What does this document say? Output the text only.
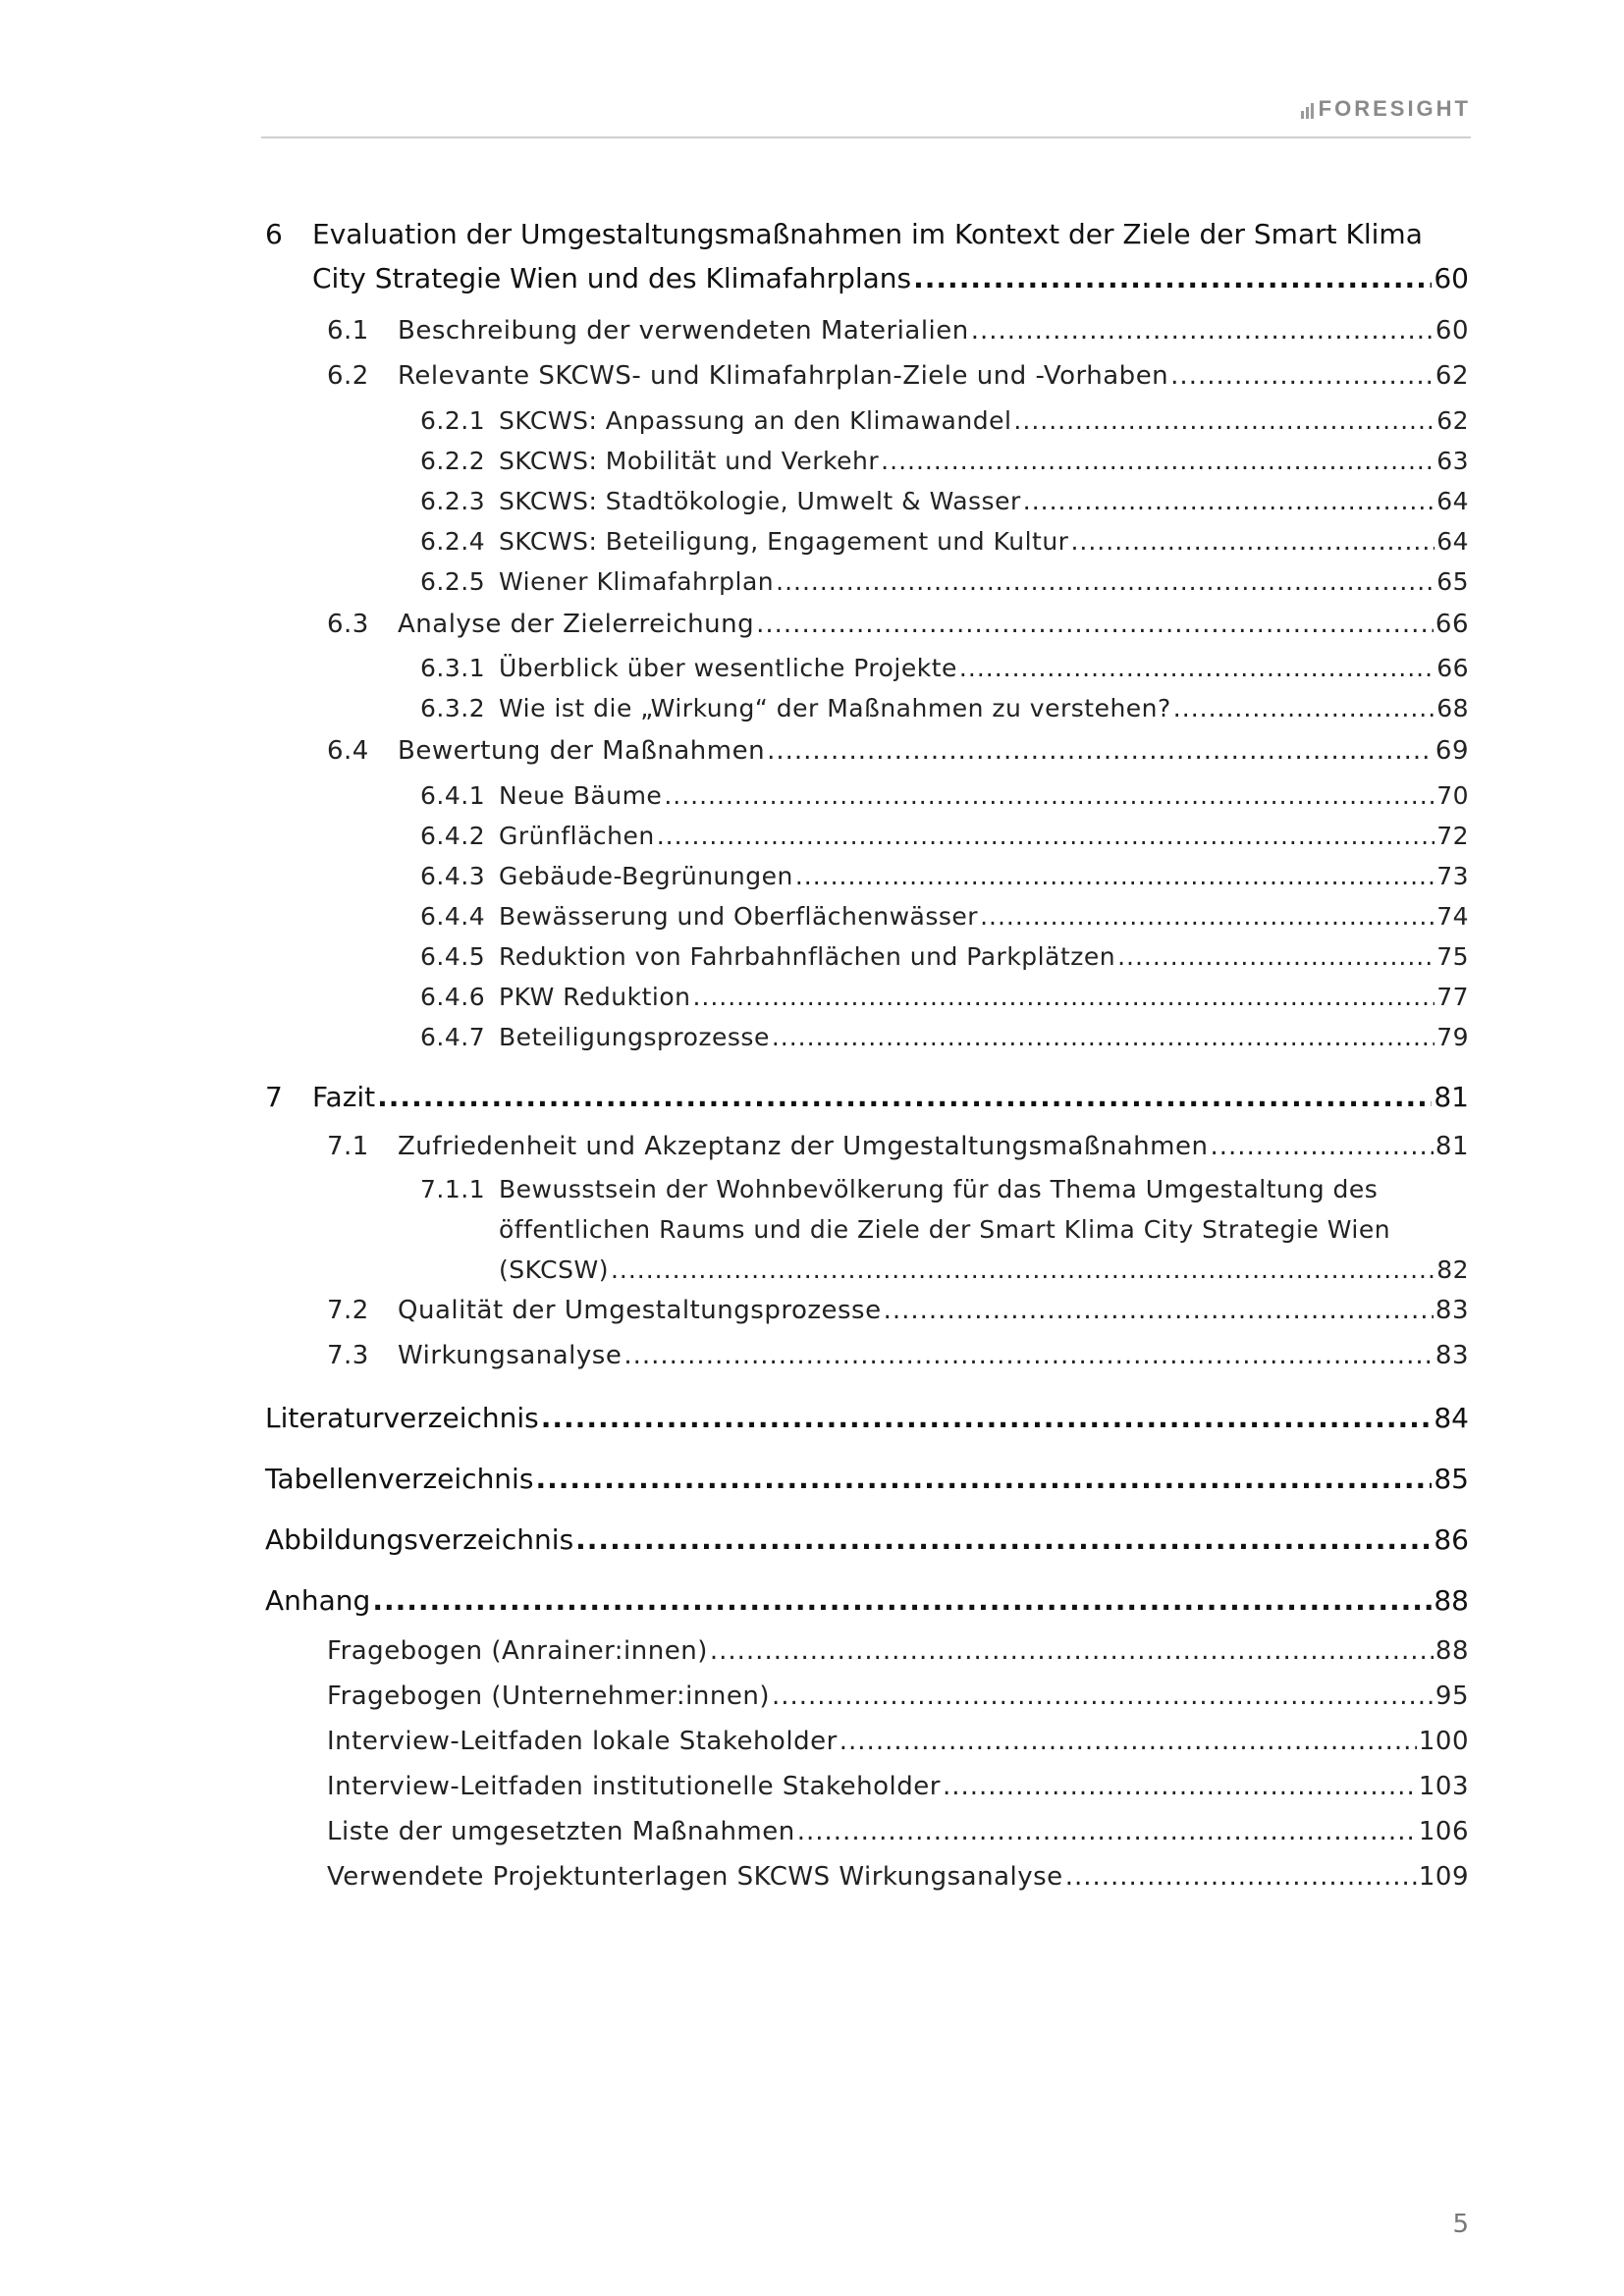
FORESIGHT
6 Evaluation der Umgestaltungsmaßnahmen im Kontext der Ziele der Smart Klima
City Strategie Wien und des Klimafahrplans .....	60
6.1 Beschreibung der verwendeten Materialien .....	60
6.2 Relevante SKCWS- und Klimafahrplan-Ziele und -Vorhaben .....	62
6.2.1 SKCWS: Anpassung an den Klimawandel .....	62
6.2.2 SKCWS: Mobilität und Verkehr .....	63
6.2.3 SKCWS: Stadtökologie, Umwelt & Wasser .....	64
6.2.4 SKCWS: Beteiligung, Engagement und Kultur .....	64
6.2.5 Wiener Klimafahrplan .....	65
6.3 Analyse der Zielerreichung .....	66
6.3.1 Überblick über wesentliche Projekte .....	66
6.3.2 Wie ist die „Wirkung“ der Maßnahmen zu verstehen? .....	68
6.4 Bewertung der Maßnahmen .....	69
6.4.1 Neue Bäume .....	70
6.4.2 Grünflächen .....	72
6.4.3 Gebäude-Begrünungen .....	73
6.4.4 Bewässerung und Oberflächenwässer .....	74
6.4.5 Reduktion von Fahrbahnflächen und Parkplätzen .....	75
6.4.6 PKW Reduktion .....	77
6.4.7 Beteiligungsprozesse .....	79
7 Fazit .....	81
7.1 Zufriedenheit und Akzeptanz der Umgestaltungsmaßnahmen .....	81
7.1.1 Bewusstsein der Wohnbevölkerung für das Thema Umgestaltung des
öffentlichen Raums und die Ziele der Smart Klima City Strategie Wien
(SKCSW) .....	82
7.2 Qualität der Umgestaltungsprozesse .....	83
7.3 Wirkungsanalyse .....	83
Literaturverzeichnis .....	84
Tabellenverzeichnis .....	85
Abbildungsverzeichnis .....	86
Anhang .....	88
Fragebogen (Anrainer:innen) .....	88
Fragebogen (Unternehmer:innen) .....	95
Interview-Leitfaden lokale Stakeholder .....	100
Interview-Leitfaden institutionelle Stakeholder .....	103
Liste der umgesetzten Maßnahmen .....	106
Verwendete Projektunterlagen SKCWS Wirkungsanalyse .....	109
5
